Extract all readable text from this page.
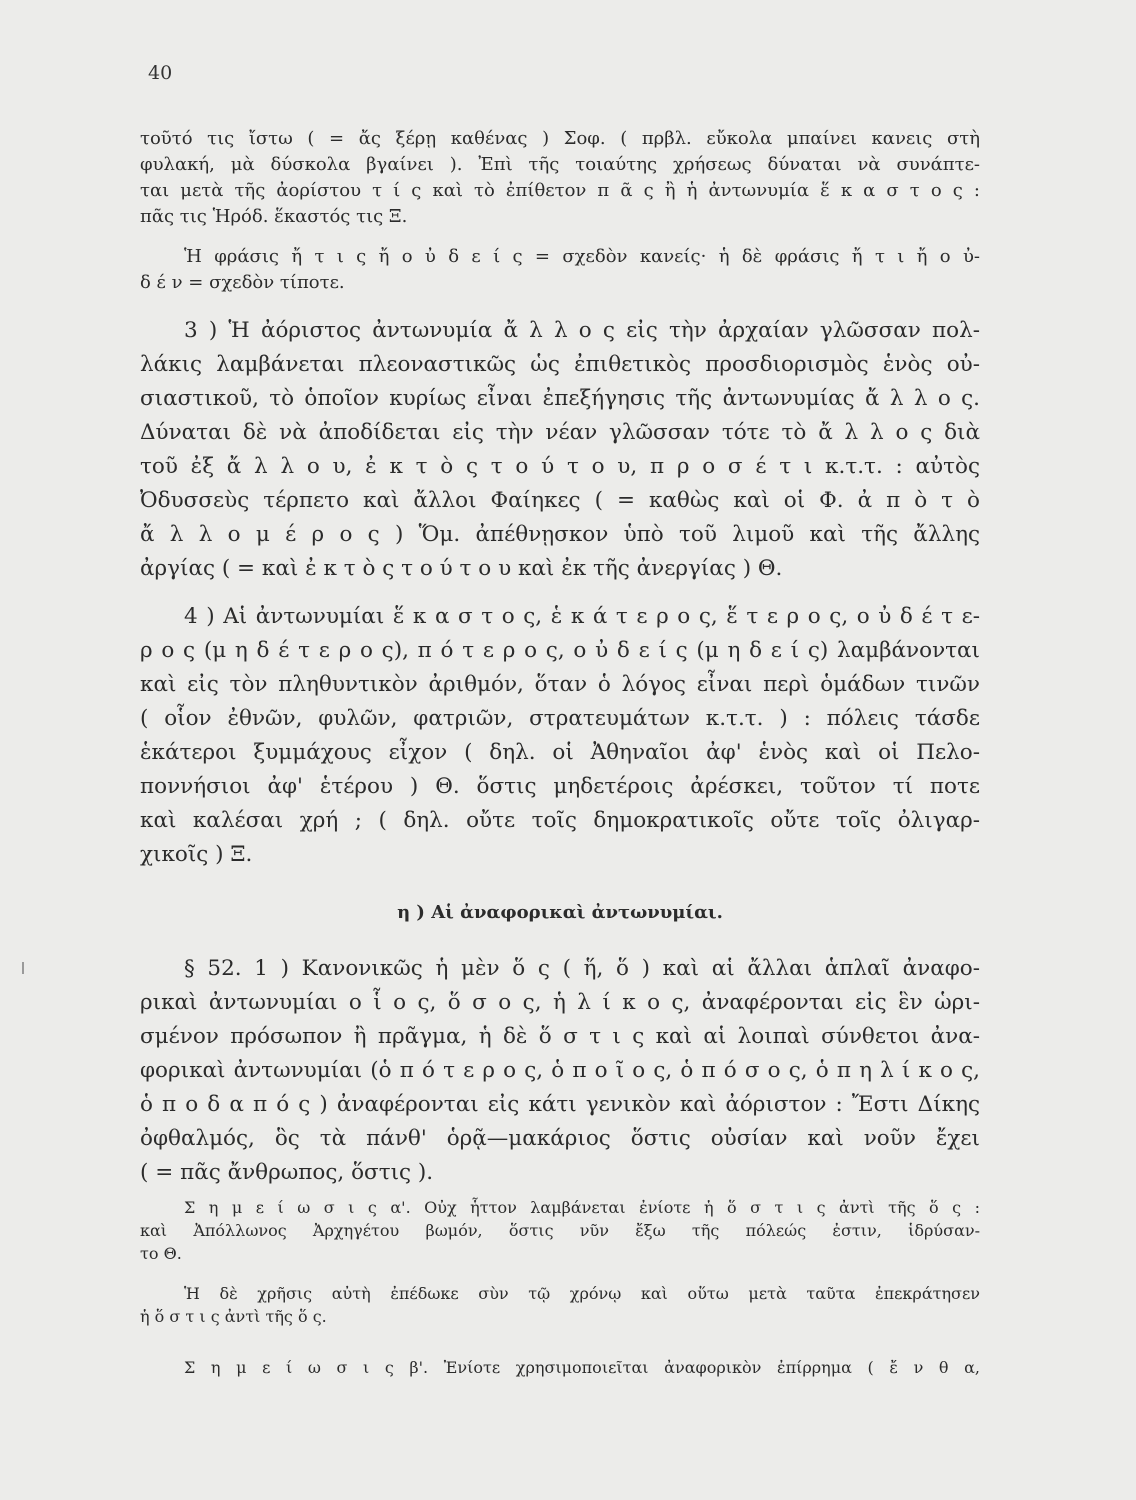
40
τοῦτό τις ἴστω ( = ἄς ξέρῃ καθένας ) Σοφ. ( πρβλ. εὔκολα μπαίνει κανεις στὴ
φυλακή, μὰ δύσκολα βγαίνει ). Ἐπὶ τῆς τοιαύτης χρήσεως δύναται νὰ συνάπτε-
ται μετὰ τῆς ἀορίστου τ ί ς καὶ τὸ ἐπίθετον π ᾶ ς ἢ ἡ ἀντωνυμία ἕ κ α σ τ ο ς :
πᾶς τις Ἡρόδ. ἕκαστός τις Ξ.
Ἡ φράσις ἤ τ ι ς ἤ ο ὐ δ ε ί ς = σχεδὸν κανείς· ἡ δὲ φράσις ἤ τ ι ἤ ο ὐ-
δ έ ν = σχεδὸν τίποτε.
3 ) Ἡ ἀόριστος ἀντωνυμία ἄ λ λ ο ς εἰς τὴν ἀρχαίαν γλῶσσαν πολ-
λάκις λαμβάνεται πλεοναστικῶς ὡς ἐπιθετικὸς προσδιορισμὸς ἑνὸς οὐ-
σιαστικοῦ, τὸ ὁποῖον κυρίως εἶναι ἐπεξήγησις τῆς ἀντωνυμίας ἄ λ λ ο ς.
Δύναται δὲ νὰ ἀποδίδεται εἰς τὴν νέαν γλῶσσαν τότε τὸ ἄ λ λ ο ς διὰ
τοῦ ἐξ ἄ λ λ ο υ, ἐ κ τ ὸ ς τ ο ύ τ ο υ, π ρ ο σ έ τ ι κ.τ.τ. : αὐτὸς
Ὀδυσσεὺς τέρπετο καὶ ἄλλοι Φαίηκες ( = καθὼς καὶ οἱ Φ. ἀ π ὸ τ ὸ
ἄ λ λ ο μ έ ρ ο ς ) Ὅμ. ἀπέθνῃσκον ὑπὸ τοῦ λιμοῦ καὶ τῆς ἄλλης
ἀργίας ( = καὶ ἐ κ τ ὸ ς τ ο ύ τ ο υ καὶ ἐκ τῆς ἀνεργίας ) Θ.
4 ) Αἱ ἀντωνυμίαι ἕ κ α σ τ ο ς, ἑ κ ά τ ε ρ ο ς, ἕ τ ε ρ ο ς, ο ὐ δ έ τ ε-
ρ ο ς (μ η δ έ τ ε ρ ο ς), π ό τ ε ρ ο ς, ο ὐ δ ε ί ς (μ η δ ε ί ς) λαμβάνονται
καὶ εἰς τὸν πληθυντικὸν ἀριθμόν, ὅταν ὁ λόγος εἶναι περὶ ὁμάδων τινῶν
( οἷον ἐθνῶν, φυλῶν, φατριῶν, στρατευμάτων κ.τ.τ. ) : πόλεις τάσδε
ἑκάτεροι ξυμμάχους εἶχον ( δηλ. οἱ Ἀθηναῖοι ἀφ' ἑνὸς καὶ οἱ Πελο-
ποννήσιοι ἀφ' ἑτέρου ) Θ. ὅστις μηδετέροις ἀρέσκει, τοῦτον τί ποτε
καὶ καλέσαι χρή ; ( δηλ. οὔτε τοῖς δημοκρατικοῖς οὔτε τοῖς ὀλιγαρ-
χικοῖς ) Ξ.
η ) Αἱ ἀναφορικαὶ ἀντωνυμίαι.
§ 52. 1 ) Κανονικῶς ἡ μὲν ὅ ς ( ἥ, ὅ ) καὶ αἱ ἄλλαι ἁπλαῖ ἀναφο-
ρικαὶ ἀντωνυμίαι ο ἷ ο ς, ὅ σ ο ς, ἡ λ ί κ ο ς, ἀναφέρονται εἰς ἓν ὡρι-
σμένον πρόσωπον ἢ πρᾶγμα, ἡ δὲ ὅ σ τ ι ς καὶ αἱ λοιπαὶ σύνθετοι ἀνα-
φορικαὶ ἀντωνυμίαι (ὁ π ό τ ε ρ ο ς, ὁ π ο ῖ ο ς, ὁ π ό σ ο ς, ὁ π η λ ί κ ο ς,
ὁ π ο δ α π ό ς ) ἀναφέρονται εἰς κάτι γενικὸν καὶ ἀόριστον : Ἔστι Δίκης
ὀφθαλμός, ὃς τὰ πάνθ' ὁρᾷ—μακάριος ὅστις οὐσίαν καὶ νοῦν ἔχει
( = πᾶς ἄνθρωπος, ὅστις ).
Σ η μ ε ί ω σ ι ς α'. Οὐχ ἧττον λαμβάνεται ἐνίοτε ἡ ὅ σ τ ι ς ἀντὶ τῆς ὅ ς :
καὶ Ἀπόλλωνος Ἀρχηγέτου βωμόν, ὅστις νῦν ἔξω τῆς πόλεώς ἐστιν, ἱδρύσαν-
το Θ.
Ἡ δὲ χρῆσις αὐτὴ ἐπέδωκε σὺν τῷ χρόνῳ καὶ οὕτω μετὰ ταῦτα ἐπεκράτησεν
ἡ ὅ σ τ ι ς ἀντὶ τῆς ὅ ς.
Σ η μ ε ί ω σ ι ς β'. Ἐνίοτε χρησιμοποιεῖται ἀναφορικὸν ἐπίρρημα ( ἔ ν θ α,
